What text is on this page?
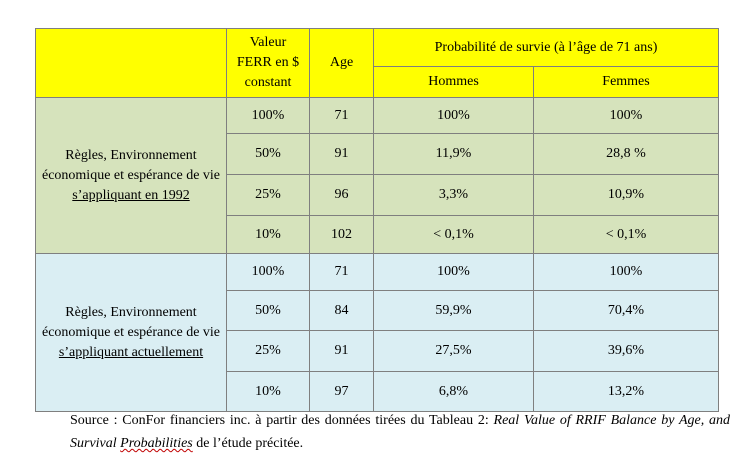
	Valeur
FERR en $
constant	Age	Probabilité de survie (à l’âge de 71 ans)	
			Hommes	Femmes
Règles, Environnement économique et espérance de vie s’appliquant en 1992	100%	71	100%	100%
	50%	91	11,9%	28,8 %
	25%	96	3,3%	10,9%
	10%	102	< 0,1%	< 0,1%
Règles, Environnement économique et espérance de vie s’appliquant actuellement	100%	71	100%	100%
	50%	84	59,9%	70,4%
	25%	91	27,5%	39,6%
	10%	97	6,8%	13,2%
Source : ConFor financiers inc. à partir des données tirées du Tableau 2: Real Value of RRIF Balance by Age, and Survival Probabilities de l’étude précitée.
